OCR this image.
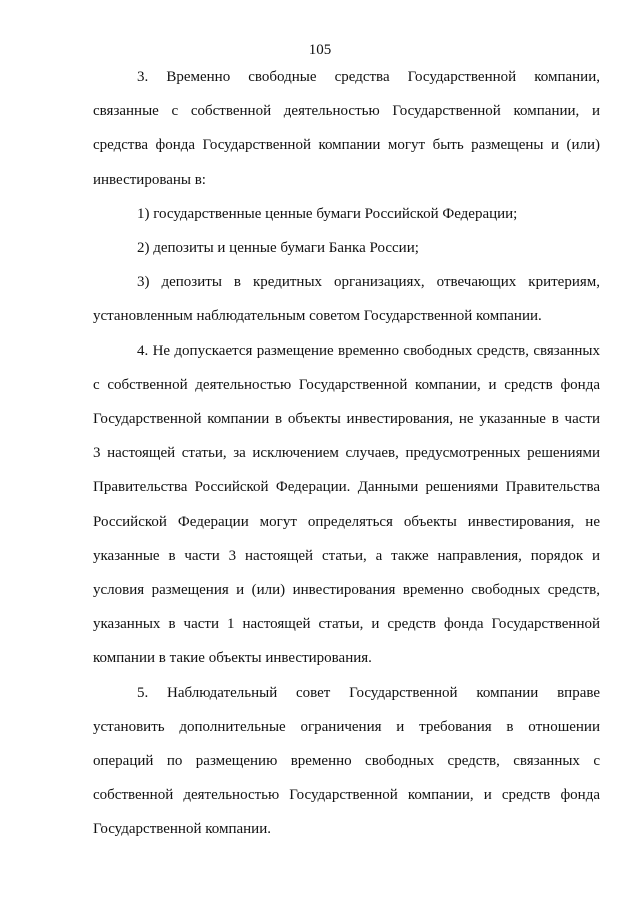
105

3. Временно свободные средства Государственной компании,
связанные с собственной деятельностью Государственной компании, и
средства фонда Государственной компании могут быть размещены и (или)
инвестированы в:

1) государственные ценные бумаги Российской Федерации;

2) депозиты и ценные бумаги Банка России;

3) депозиты в кредитных организациях, отвечающих критериям,
установленным наблюдательным советом Государственной компании.

4. Не допускается размещение временно свободных средств, связанных
с собственной деятельностью Государственной компании, и средств фонда
Государственной компании в объекты инвестирования, не указанные в части
3 настоящей статьи, за исключением случаев, предусмотренных решениями
Правительства Российской Федерации. Данными решениями Правительства
Российской Федерации могут определяться объекты инвестирования, не
указанные в части 3 настоящей статьи, а также направления, порядок и
условия размещения и (или) инвестирования временно свободных средств,
указанных в части 1 настоящей статьи, и средств фонда Государственной
компании в такие объекты инвестирования.

5. Наблюдательный совет Государственной компании вправе
установить дополнительные ограничения и требования в отношении
операций по размещению временно свободных средств, связанных с
собственной деятельностью Государственной компании, и средств фонда
Государственной компании.
